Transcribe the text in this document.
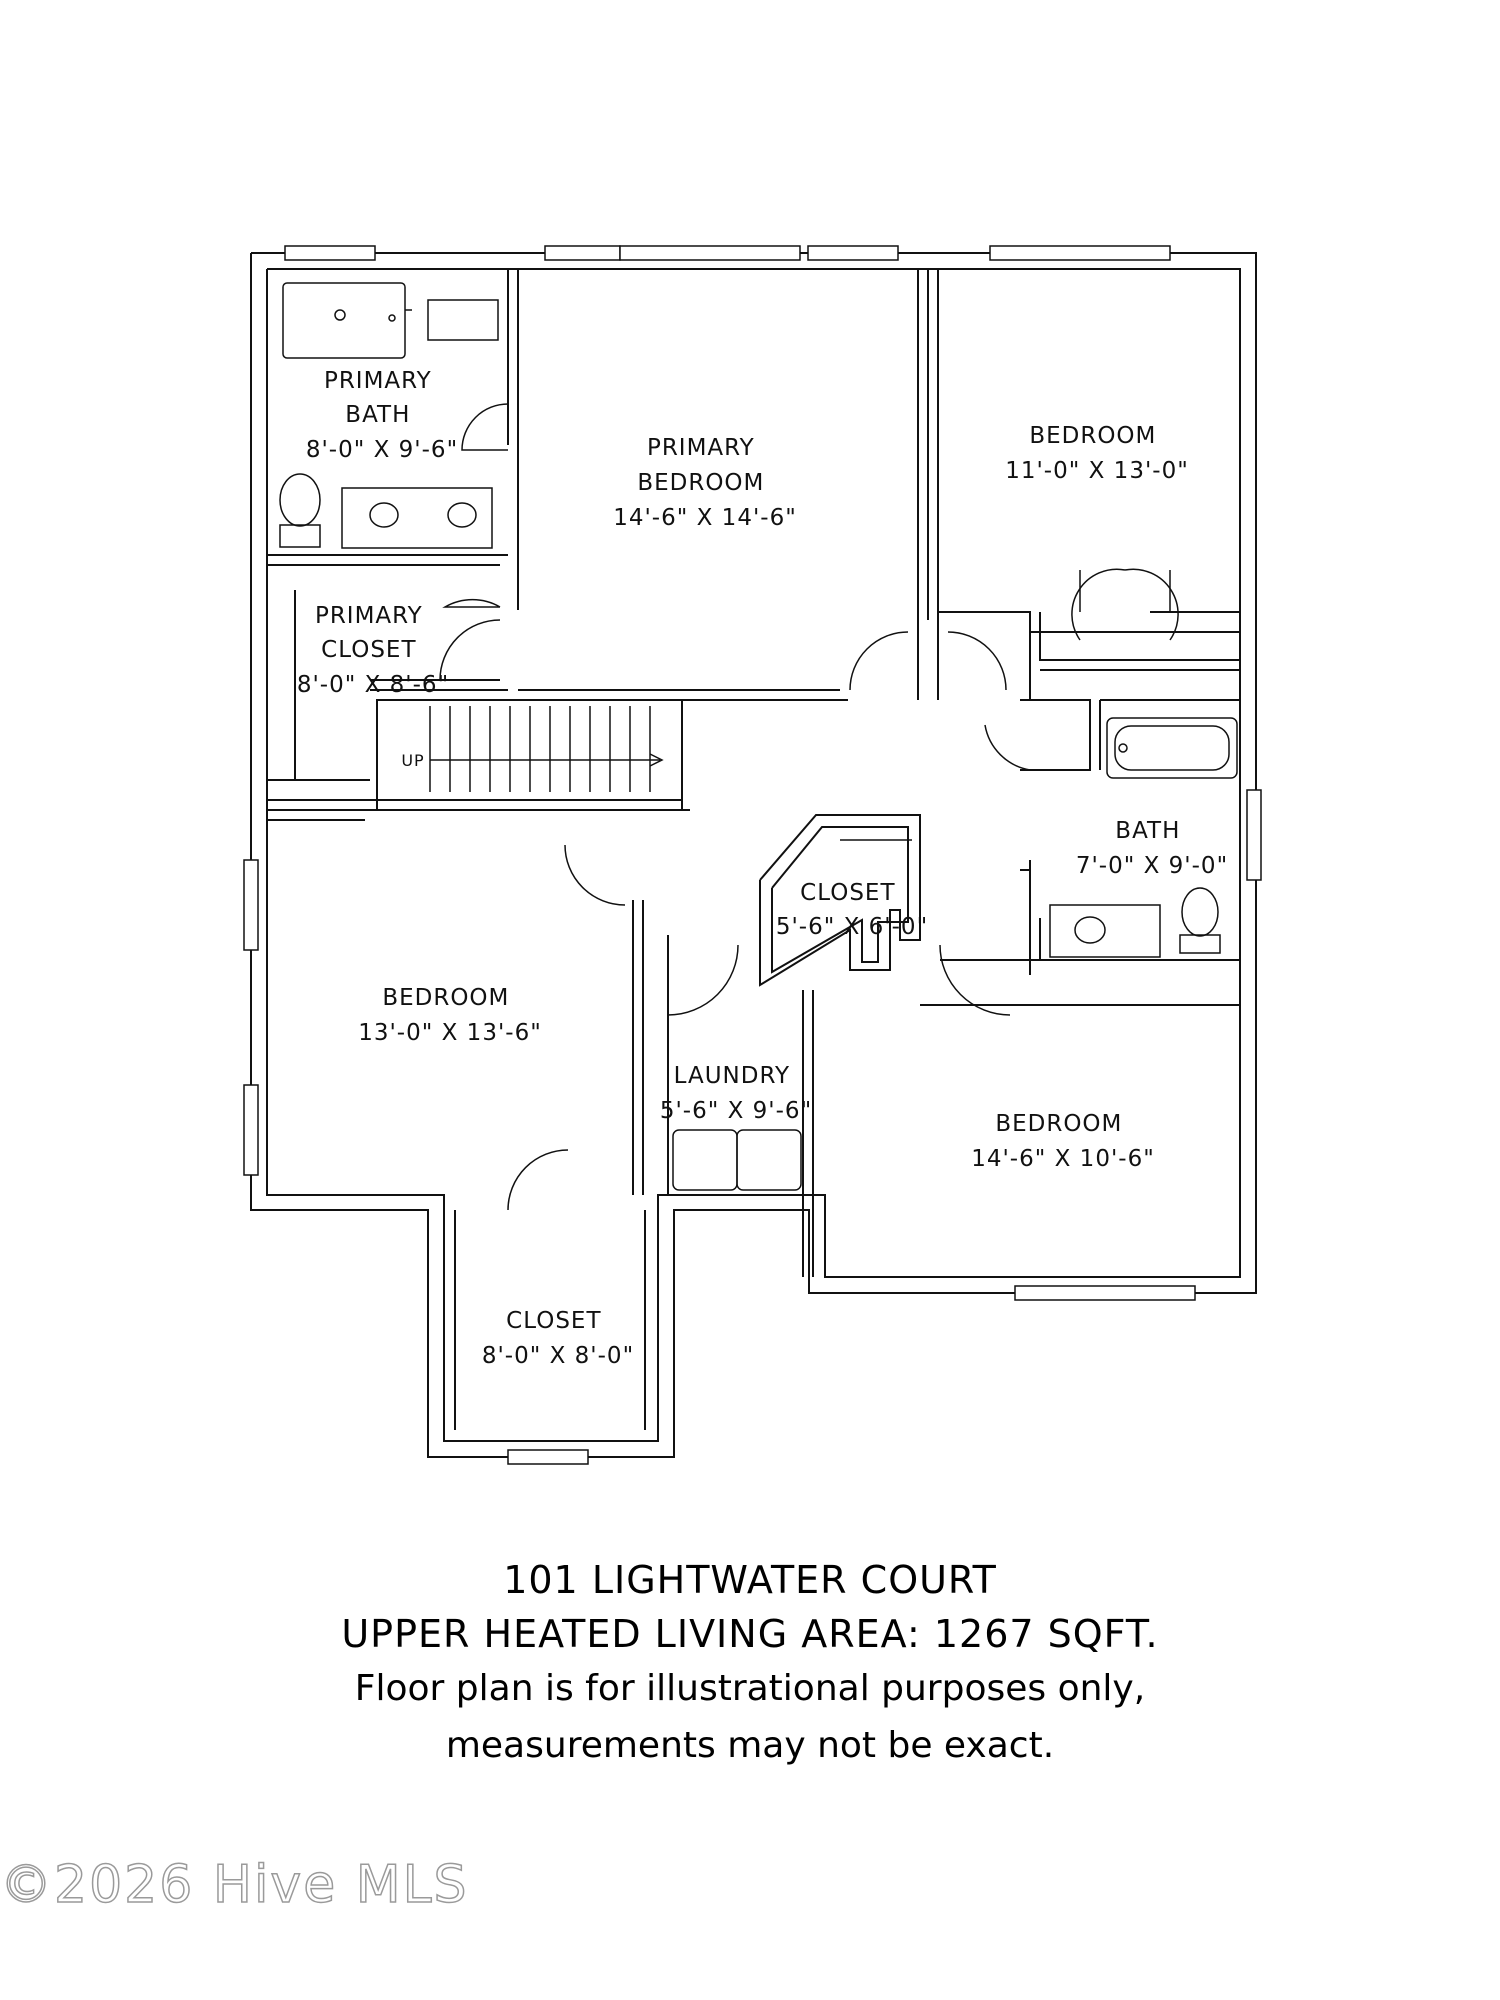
PRIMARY BATH 8'-0" X 9'-6"	PRIMARY BEDROOM 14'-6" X 14'-6"
BEDROOM 11'-0" X 13'-0"
PRIMARY CLOSET 8'-0" X 8'-6"
UP
BATH 7'-0" X 9'-0"
CLOSET 5'-6" X 6'-0"
BEDROOM 13'-0" X 13'-6"
LAUNDRY 5'-6" X 9'-6"	BEDROOM 14'-6" X 10'-6"
CLOSET 8'-0" X 8'-0"
101 LIGHTWATER COURT
UPPER HEATED LIVING AREA: 1267 SQFT.
Floor plan is for illustrational purposes only,
measurements may not be exact.
©2026 Hive MLS
